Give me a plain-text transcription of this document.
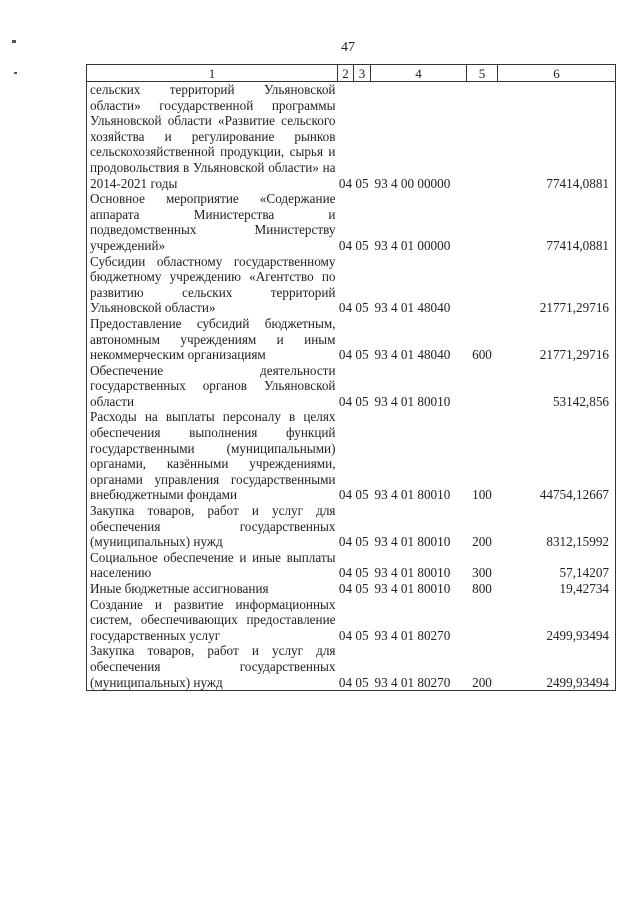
47
1	2	3	4	5	6
сельских территорий Ульяновской области» государственной программы Ульяновской области «Развитие сельского хозяйства и регулирование рынков сельскохозяйственной продукции, сырья и продовольствия в Ульяновской области» на 2014-2021 годы	04	05	93 4 00 00000		77414,0881
Основное мероприятие «Содержание аппарата Министерства и подведомственных Министерству учреждений»	04	05	93 4 01 00000		77414,0881
Субсидии областному государственному бюджетному учреждению «Агентство по развитию сельских территорий Ульяновской области»	04	05	93 4 01 48040		21771,29716
Предоставление субсидий бюджетным, автономным учреждениям и иным некоммерческим организациям	04	05	93 4 01 48040	600	21771,29716
Обеспечение деятельности государственных органов Ульяновской области	04	05	93 4 01 80010		53142,856
Расходы на выплаты персоналу в целях обеспечения выполнения функций государственными (муниципальными) органами, казёнными учреждениями, органами управления государственными внебюджетными фондами	04	05	93 4 01 80010	100	44754,12667
Закупка товаров, работ и услуг для обеспечения государственных (муниципальных) нужд	04	05	93 4 01 80010	200	8312,15992
Социальное обеспечение и иные выплаты населению	04	05	93 4 01 80010	300	57,14207
Иные бюджетные ассигнования	04	05	93 4 01 80010	800	19,42734
Создание и развитие информационных систем, обеспечивающих предоставление государственных услуг	04	05	93 4 01 80270		2499,93494
Закупка товаров, работ и услуг для обеспечения государственных (муниципальных) нужд	04	05	93 4 01 80270	200	2499,93494
